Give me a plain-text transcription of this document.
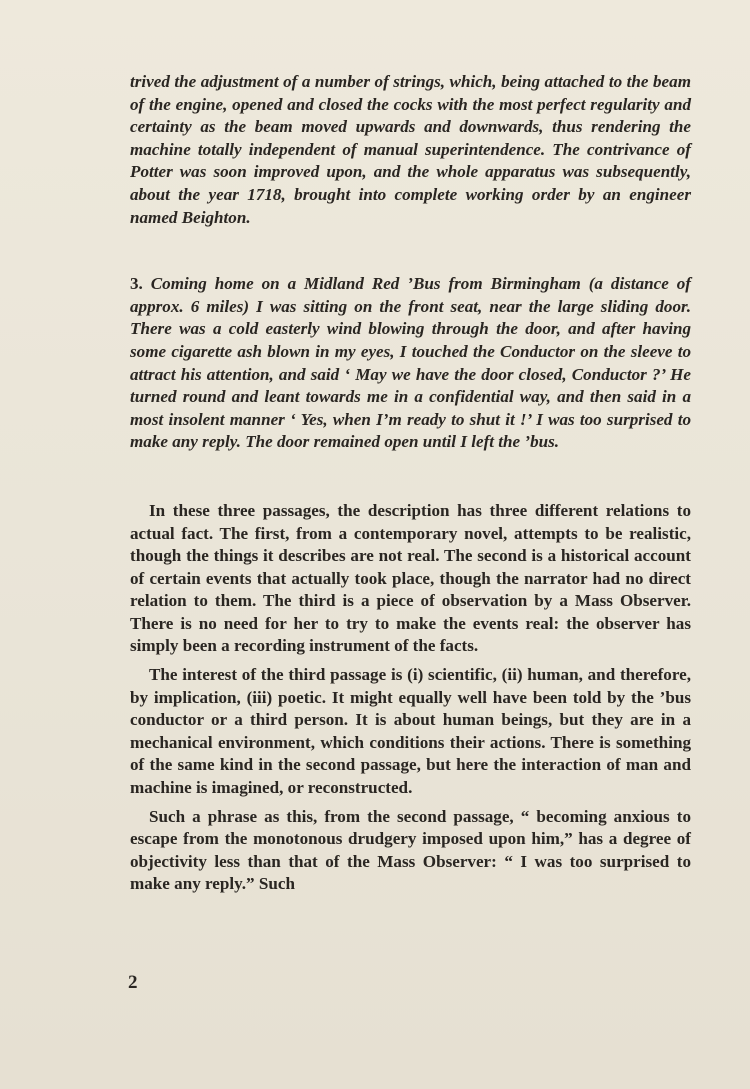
trived the adjustment of a number of strings, which, being attached to the beam of the engine, opened and closed the cocks with the most perfect regularity and certainty as the beam moved upwards and downwards, thus rendering the machine totally independent of manual superintendence. The contrivance of Potter was soon improved upon, and the whole apparatus was subsequently, about the year 1718, brought into complete working order by an engineer named Beighton.

3. Coming home on a Midland Red ’Bus from Birmingham (a distance of approx. 6 miles) I was sitting on the front seat, near the large sliding door. There was a cold easterly wind blowing through the door, and after having some cigarette ash blown in my eyes, I touched the Conductor on the sleeve to attract his attention, and said ‘ May we have the door closed, Conductor ?’ He turned round and leant towards me in a confidential way, and then said in a most insolent manner ‘ Yes, when I’m ready to shut it !’ I was too surprised to make any reply. The door remained open until I left the ’bus.

In these three passages, the description has three different relations to actual fact. The first, from a contemporary novel, attempts to be realistic, though the things it describes are not real. The second is a historical account of certain events that actually took place, though the narrator had no direct relation to them. The third is a piece of observation by a Mass Observer. There is no need for her to try to make the events real: the observer has simply been a recording instrument of the facts.

The interest of the third passage is (i) scientific, (ii) human, and therefore, by implication, (iii) poetic. It might equally well have been told by the ’bus conductor or a third person. It is about human beings, but they are in a mechanical environment, which conditions their actions. There is something of the same kind in the second passage, but here the interaction of man and machine is imagined, or reconstructed.

Such a phrase as this, from the second passage, “ becoming anxious to escape from the monotonous drudgery imposed upon him,” has a degree of objectivity less than that of the Mass Observer: “ I was too surprised to make any reply.” Such

2
